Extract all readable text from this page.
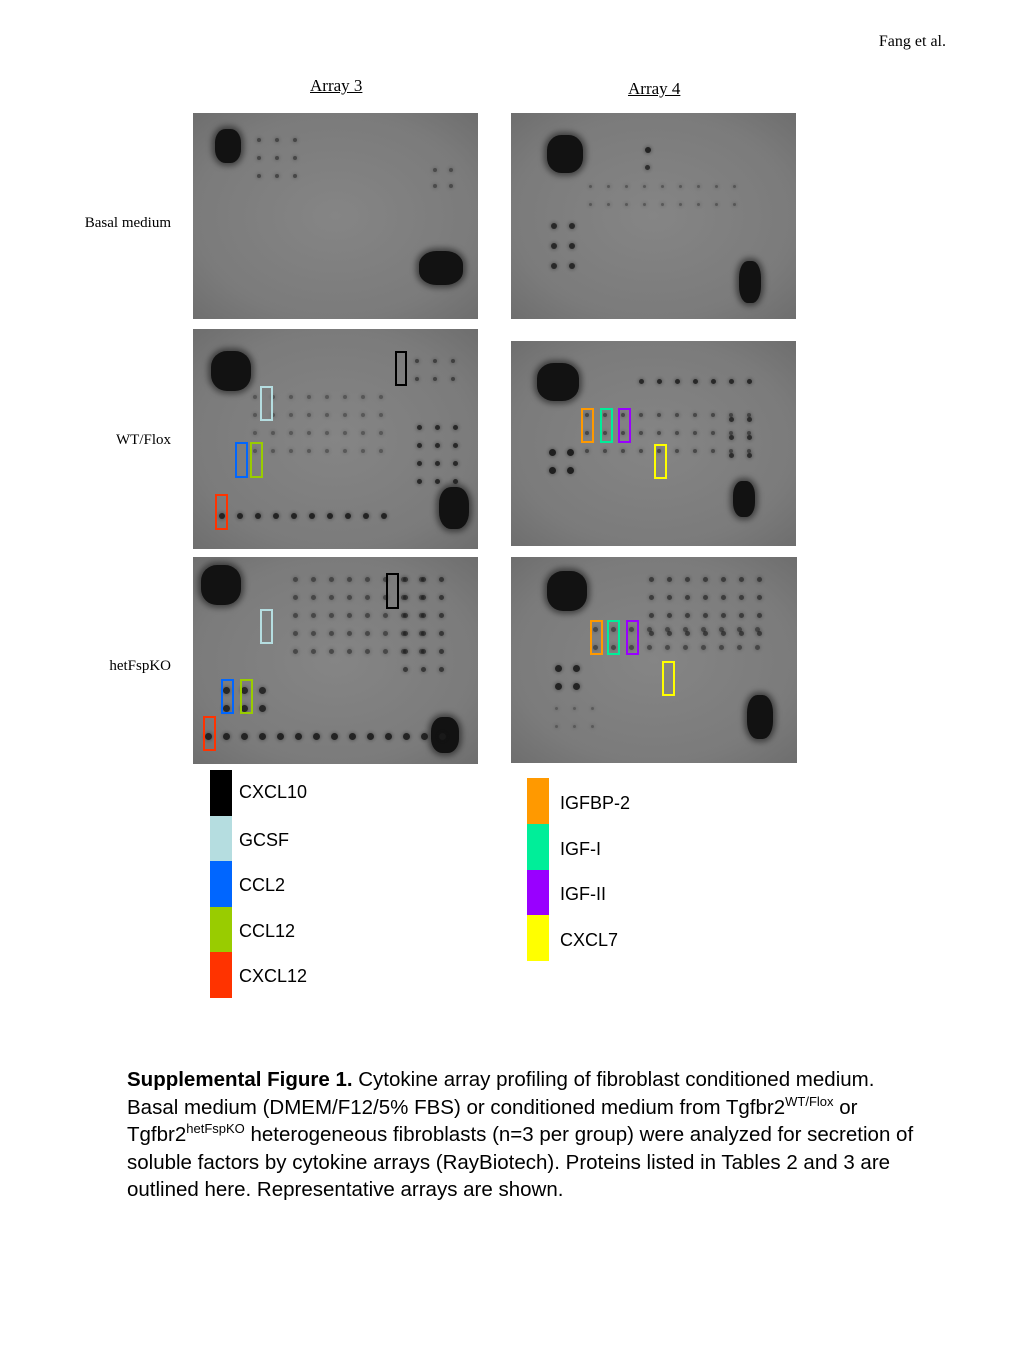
Fang et al.
Array 3	Array 4
Basal medium
WT/Flox
hetFspKO
CXCL10
GCSF
CCL2
CCL12
CXCL12
IGFBP-2
IGF-I
IGF-II
CXCL7
Supplemental Figure 1. Cytokine array profiling of fibroblast conditioned medium. Basal medium (DMEM/F12/5% FBS) or conditioned medium from $Tgfbr2^{WT/Flox}$ or $Tgfbr2^{hetFspKO}$ heterogeneous fibroblasts (n=3 per group) were analyzed for secretion of soluble factors by cytokine arrays (RayBiotech). Proteins listed in Tables 2 and 3 are outlined here. Representative arrays are shown.
